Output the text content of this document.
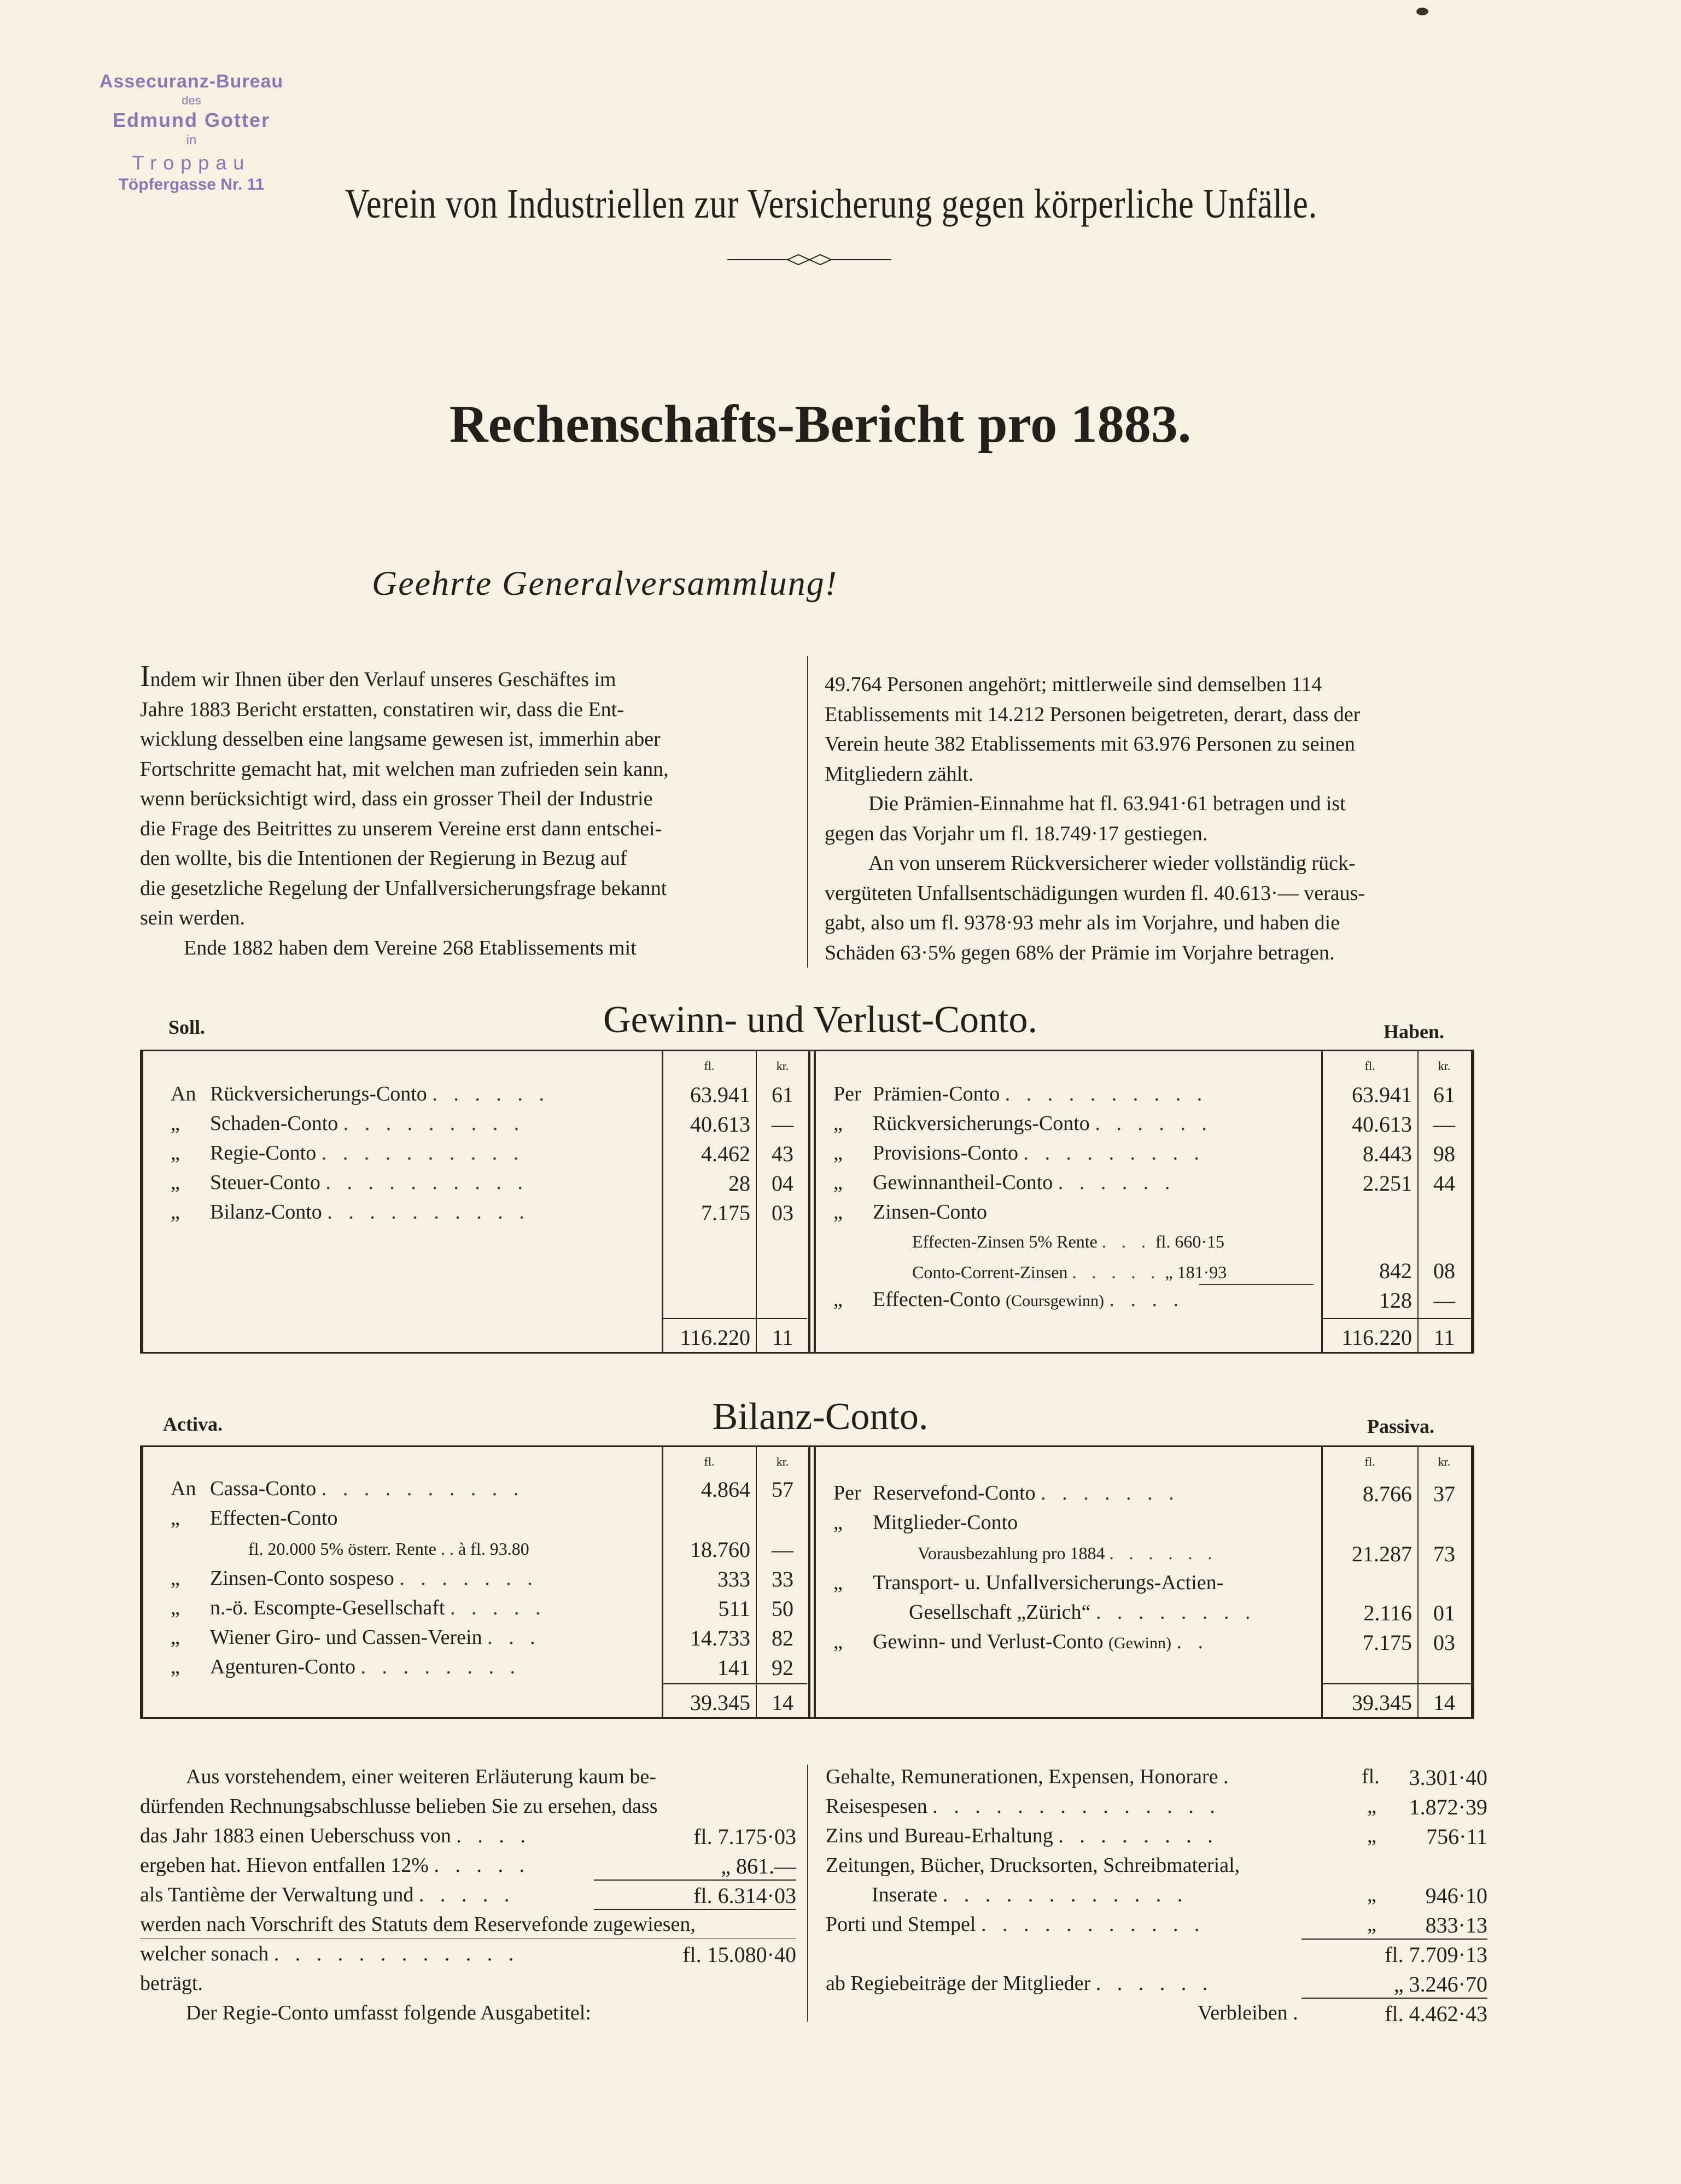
Assecuranz-Bureau
des
Edmund Gotter
in
Troppau
Töpfergasse Nr. 11	Verein von Industriellen zur Versicherung gegen körperliche Unfälle.
Rechenschafts-Bericht pro 1883.
Geehrte Generalversammlung!
Indem wir Ihnen über den Verlauf unseres Geschäftes im
Jahre 1883 Bericht erstatten, constatiren wir, dass die Ent-
wicklung desselben eine langsame gewesen ist, immerhin aber
Fortschritte gemacht hat, mit welchen man zufrieden sein kann,
wenn berücksichtigt wird, dass ein grosser Theil der Industrie
die Frage des Beitrittes zu unserem Vereine erst dann entschei-
den wollte, bis die Intentionen der Regierung in Bezug auf
die gesetzliche Regelung der Unfallversicherungsfrage bekannt
sein werden.
Ende 1882 haben dem Vereine 268 Etablissements mit
49.764 Personen angehört; mittlerweile sind demselben 114
Etablissements mit 14.212 Personen beigetreten, derart, dass der
Verein heute 382 Etablissements mit 63.976 Personen zu seinen
Mitgliedern zählt.
Die Prämien-Einnahme hat fl. 63.941·61 betragen und ist
gegen das Vorjahr um fl. 18.749·17 gestiegen.
An von unserem Rückversicherer wieder vollständig rück-
vergüteten Unfallsentschädigungen wurden fl. 40.613·— veraus-
gabt, also um fl. 9378·93 mehr als im Vorjahre, und haben die
Schäden 63·5% gegen 68% der Prämie im Vorjahre betragen.
Soll.	Gewinn- und Verlust-Conto.	Haben.
fl.	kr.
An Rückversicherungs-Conto . . . . . .	63.941 61
„ Schaden-Conto . . . . . . . . .	40.613 —
„ Regie-Conto . . . . . . . . . .	4.462 43
„ Steuer-Conto . . . . . . . . . .	28 04
„ Bilanz-Conto . . . . . . . . . .	7.175 03
116.220 11
fl.	kr.
Per Prämien-Conto . . . . . . . . . .	63.941 61
„ Rückversicherungs-Conto . . . . . .	40.613 —
„ Provisions-Conto . . . . . . . . .	8.443 98
„ Gewinnantheil-Conto . . . . . .	2.251 44
„ Zinsen-Conto
Effecten-Zinsen 5% Rente . . . fl. 660·15
Conto-Corrent-Zinsen . . . . . „ 181·93	842 08
„ Effecten-Conto (Coursgewinn) . . . .	128 —
116.220 11
Activa.	Bilanz-Conto.	Passiva.
fl.	kr.
An Cassa-Conto . . . . . . . . . .	4.864 57
„ Effecten-Conto
fl. 20.000 5% österr. Rente . . à fl. 93.80	18.760 —
„ Zinsen-Conto sospeso . . . . . . .	333 33
„ n.-ö. Escompte-Gesellschaft . . . . .	511 50
„ Wiener Giro- und Cassen-Verein . . .	14.733 82
„ Agenturen-Conto . . . . . . . .	141 92
39.345 14
fl.	kr.
Per Reservefond-Conto . . . . . . .	8.766 37
„ Mitglieder-Conto
Vorausbezahlung pro 1884 . . . . . .	21.287 73
„ Transport- u. Unfallversicherungs-Actien-
Gesellschaft „Zürich“ . . . . . . . .	2.116 01
„ Gewinn- und Verlust-Conto (Gewinn) . .	7.175 03
39.345 14
Aus vorstehendem, einer weiteren Erläuterung kaum be-
dürfenden Rechnungsabschlusse belieben Sie zu ersehen, dass
das Jahr 1883 einen Ueberschuss von . . . .	fl. 7.175·03
ergeben hat. Hievon entfallen 12% . . . . .	„ 861.—
als Tantième der Verwaltung und . . . . .	fl. 6.314·03
werden nach Vorschrift des Statuts dem Reservefonde zugewiesen,
welcher sonach . . . . . . . . . . . .	fl. 15.080·40
beträgt.
Der Regie-Conto umfasst folgende Ausgabetitel:
Gehalte, Remunerationen, Expensen, Honorare .	fl.	3.301·40
Reisespesen . . . . . . . . . . . . . .	„	1.872·39
Zins und Bureau-Erhaltung . . . . . . . .	„	756·11
Zeitungen, Bücher, Drucksorten, Schreibmaterial,
Inserate . . . . . . . . . . . .	„	946·10
Porti und Stempel . . . . . . . . . . .	„	833·13
fl. 7.709·13
ab Regiebeiträge der Mitglieder . . . . . .	„ 3.246·70
Verbleiben .	fl. 4.462·43
